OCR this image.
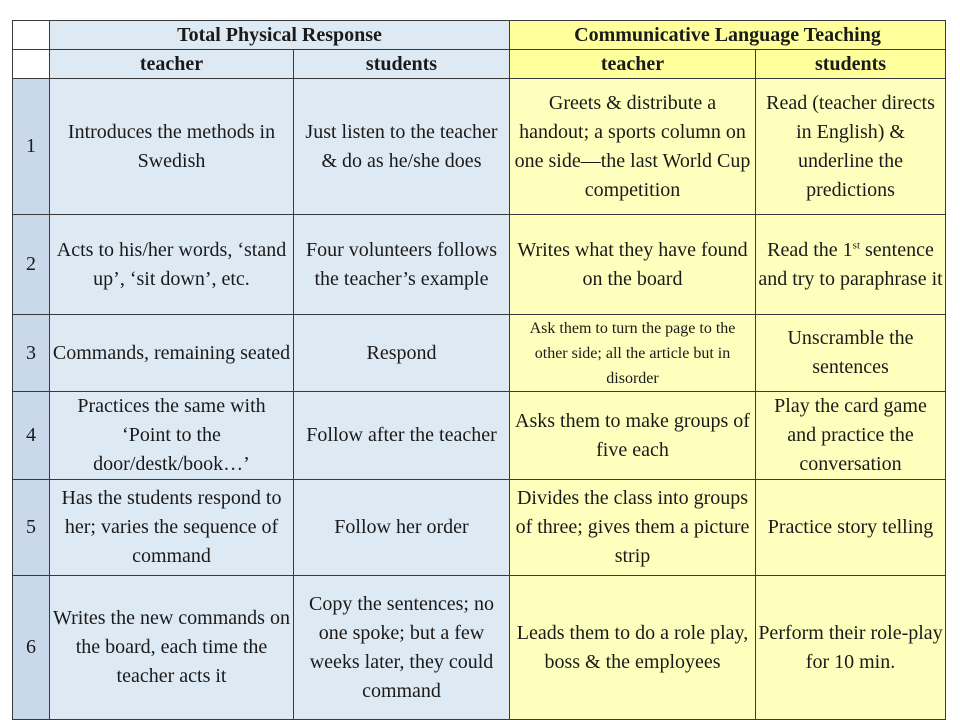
	Total Physical Response		Communicative Language Teaching	
	teacher	students	teacher	students
1	Introduces the methods in Swedish	Just listen to the teacher & do as he/she does	Greets & distribute a handout; a sports column on one side—the last World Cup competition	Read (teacher directs in English) & underline the predictions
2	Acts to his/her words, ‘stand up’, ‘sit down’, etc.	Four volunteers follows the teacher’s example	Writes what they have found on the board	Read the 1st sentence and try to paraphrase it
3	Commands, remaining seated	Respond	Ask them to turn the page to the other side; all the article but in disorder	Unscramble the sentences
4	Practices the same with ‘Point to the door/destk/book…’	Follow after the teacher	Asks them to make groups of five each	Play the card game and practice the conversation
5	Has the students respond to her; varies the sequence of command	Follow her order	Divides the class into groups of three; gives them a picture strip	Practice story telling
6	Writes the new commands on the board, each time the teacher acts it	Copy the sentences; no one spoke; but a few weeks later, they could command	Leads them to do a role play, boss & the employees	Perform their role-play for 10 min.
